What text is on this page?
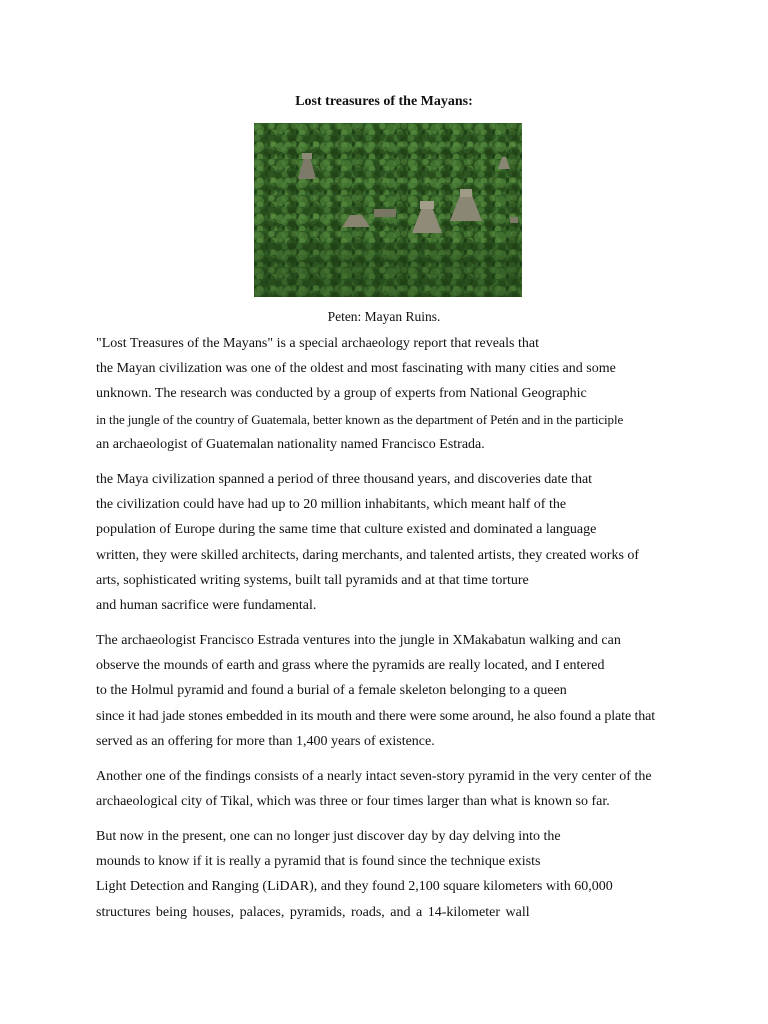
Lost treasures of the Mayans:
Peten: Mayan Ruins.
"Lost Treasures of the Mayans" is a special archaeology report that reveals that
the Mayan civilization was one of the oldest and most fascinating with many cities and some
unknown. The research was conducted by a group of experts from National Geographic
in the jungle of the country of Guatemala, better known as the department of Petén and in the participle
an archaeologist of Guatemalan nationality named Francisco Estrada.
the Maya civilization spanned a period of three thousand years, and discoveries date that
the civilization could have had up to 20 million inhabitants, which meant half of the
population of Europe during the same time that culture existed and dominated a language
written, they were skilled architects, daring merchants, and talented artists, they created works of
arts, sophisticated writing systems, built tall pyramids and at that time torture
and human sacrifice were fundamental.
The archaeologist Francisco Estrada ventures into the jungle in XMakabatun walking and can
observe the mounds of earth and grass where the pyramids are really located, and I entered
to the Holmul pyramid and found a burial of a female skeleton belonging to a queen
since it had jade stones embedded in its mouth and there were some around, he also found a plate that
served as an offering for more than 1,400 years of existence.
Another one of the findings consists of a nearly intact seven-story pyramid in the very center of the
archaeological city of Tikal, which was three or four times larger than what is known so far.
But now in the present, one can no longer just discover day by day delving into the
mounds to know if it is really a pyramid that is found since the technique exists
Light Detection and Ranging (LiDAR), and they found 2,100 square kilometers with 60,000
structures being houses, palaces, pyramids, roads, and a 14-kilometer wall
